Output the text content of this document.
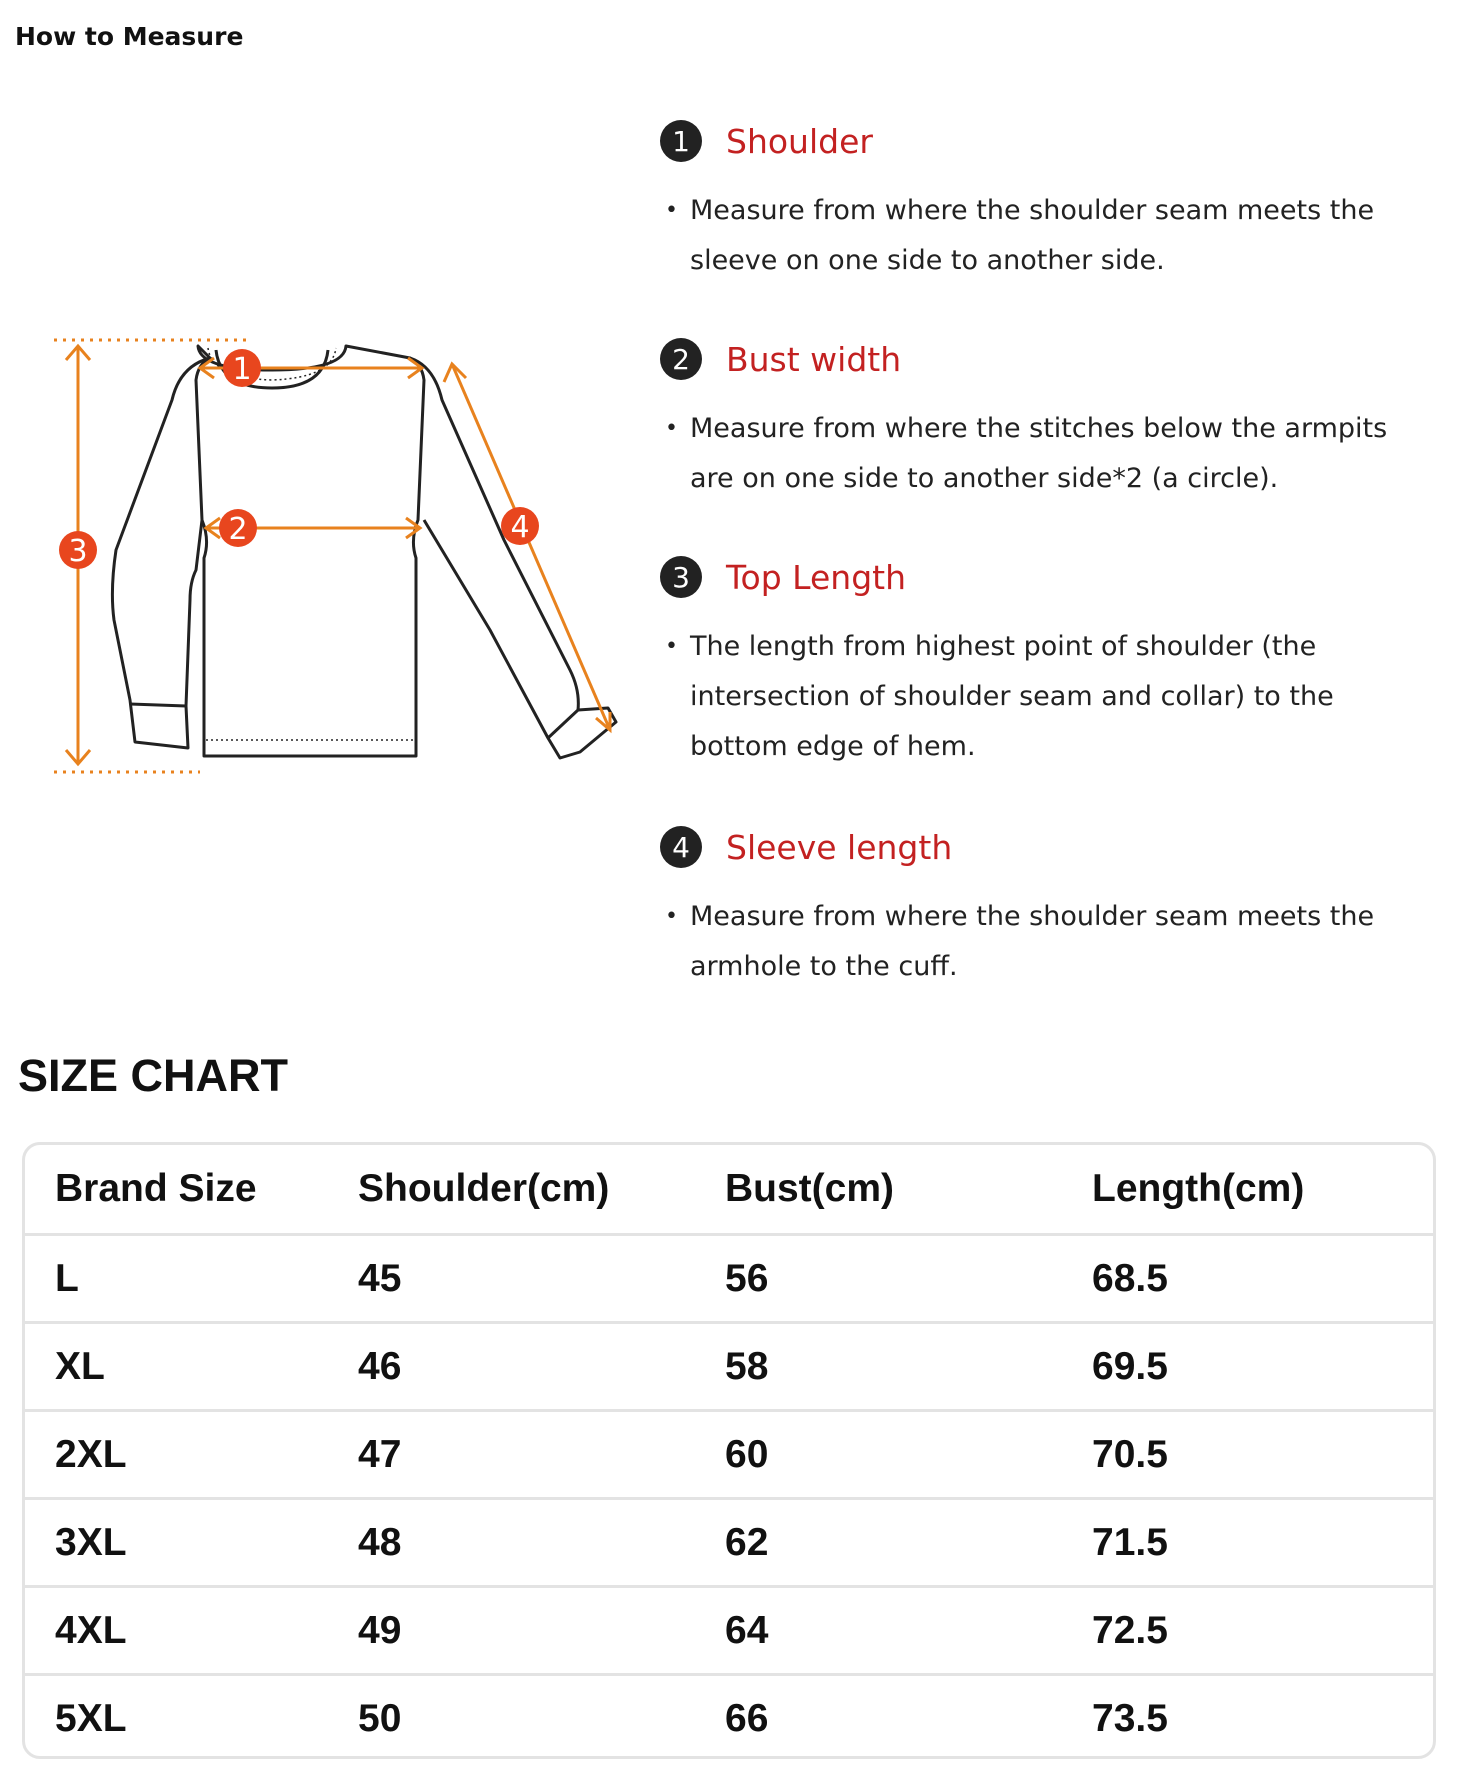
How to Measure
1
2
3
4
1	Shoulder
• Measure from where the shoulder seam meets the sleeve on one side to another side.
2	Bust width
• Measure from where the stitches below the armpits are on one side to another side*2 (a circle).
3	Top Length
• The length from highest point of shoulder (the intersection of shoulder seam and collar) to the bottom edge of hem.
4	Sleeve length
• Measure from where the shoulder seam meets the armhole to the cuff.
SIZE CHART
Brand Size	Shoulder(cm)	Bust(cm)	Length(cm)
L	45	56	68.5
XL	46	58	69.5
2XL	47	60	70.5
3XL	48	62	71.5
4XL	49	64	72.5
5XL	50	66	73.5
